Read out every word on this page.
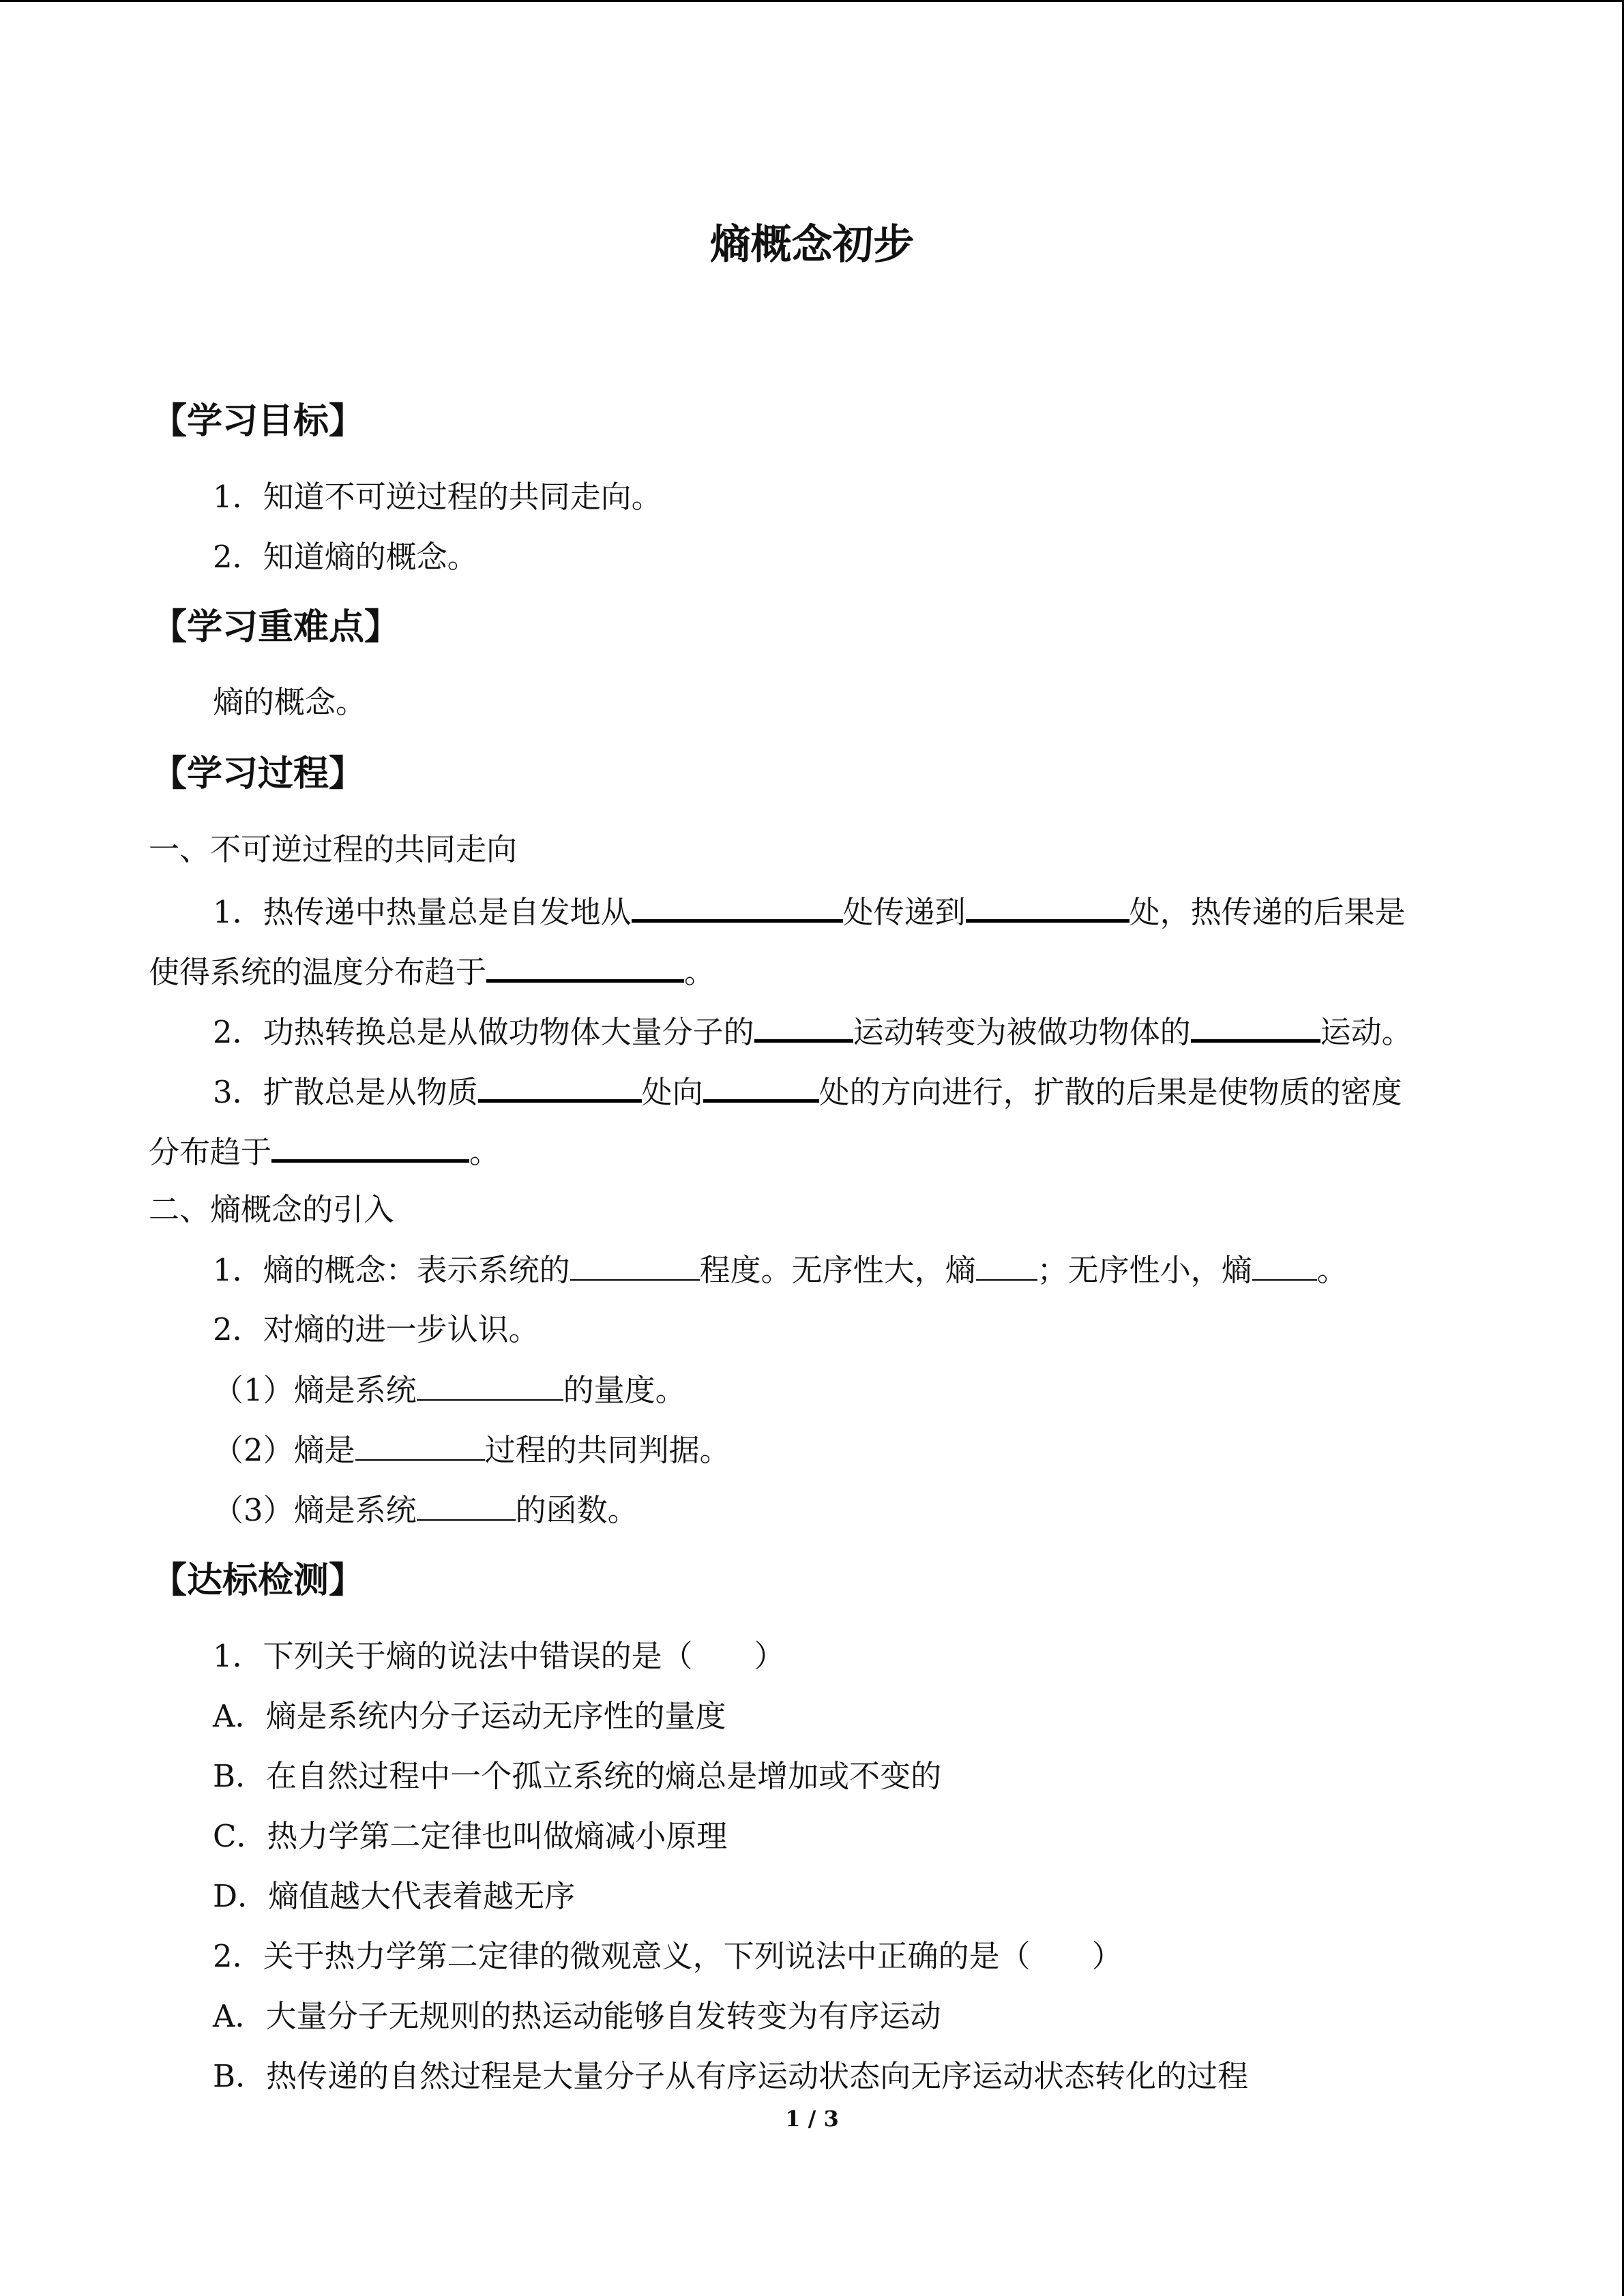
熵概念初步
【学习目标】
1．知道不可逆过程的共同走向。
2．知道熵的概念。
【学习重难点】
熵的概念。
【学习过程】
一、不可逆过程的共同走向
1．热传递中热量总是自发地从	处传递到	处，热传递的后果是
使得系统的温度分布趋于	。
2．功热转换总是从做功物体大量分子的	运动转变为被做功物体的	运动。
3．扩散总是从物质	处向	处的方向进行，扩散的后果是使物质的密度
分布趋于	。
二、熵概念的引入
1．熵的概念：表示系统的	程度。无序性大，熵 ；无序性小，熵 。
2．对熵的进一步认识。
（1）熵是系统	的量度。
（2）熵是	过程的共同判据。
（3）熵是系统	的函数。
【达标检测】
1．下列关于熵的说法中错误的是（　　）
A．熵是系统内分子运动无序性的量度
B．在自然过程中一个孤立系统的熵总是增加或不变的
C．热力学第二定律也叫做熵减小原理
D．熵值越大代表着越无序
2．关于热力学第二定律的微观意义，下列说法中正确的是（　　）
A．大量分子无规则的热运动能够自发转变为有序运动
B．热传递的自然过程是大量分子从有序运动状态向无序运动状态转化的过程
1 / 3
